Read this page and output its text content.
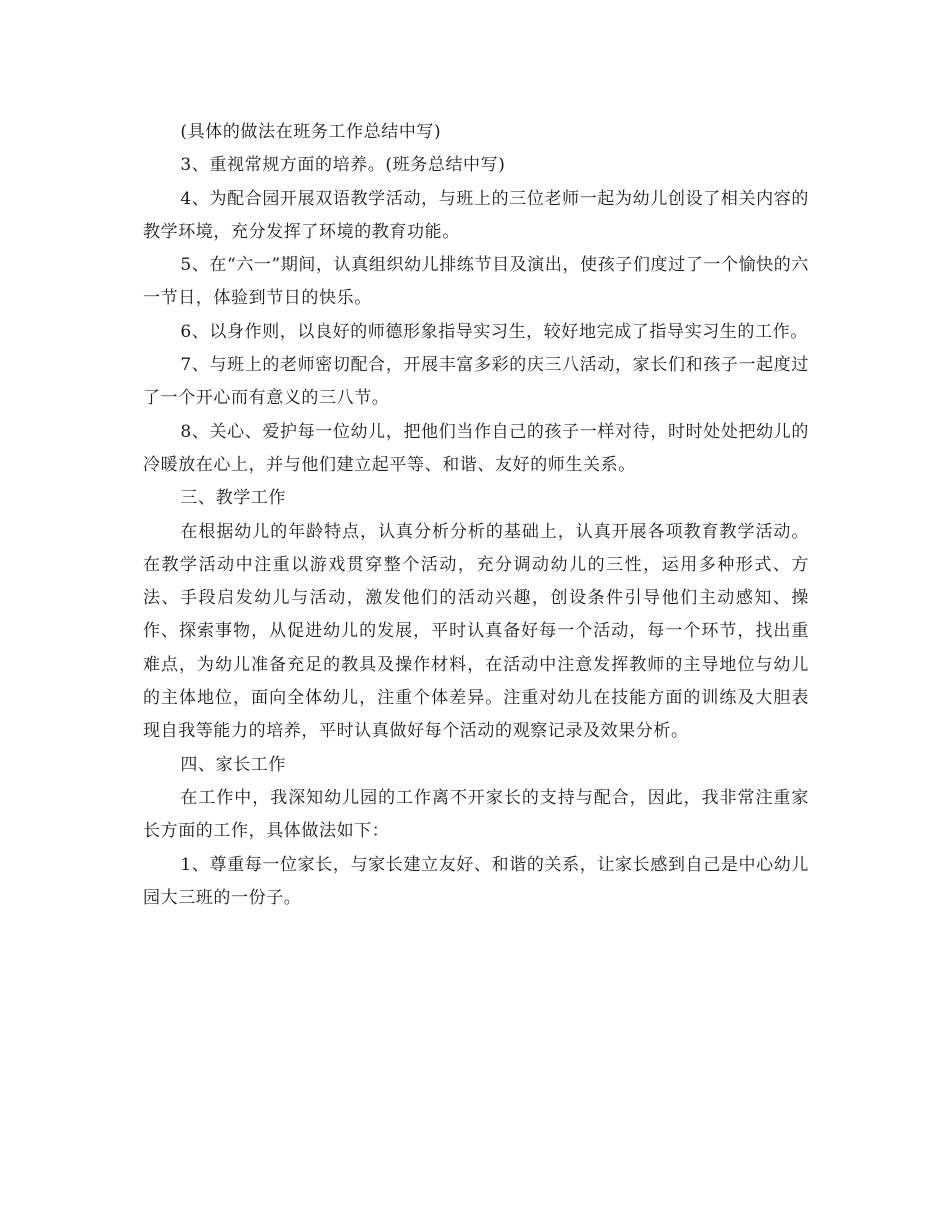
(具体的做法在班务工作总结中写)

3、重视常规方面的培养。(班务总结中写)

4、为配合园开展双语教学活动，与班上的三位老师一起为幼儿创设了相关内容的教学环境，充分发挥了环境的教育功能。

5、在“六一”期间，认真组织幼儿排练节目及演出，使孩子们度过了一个愉快的六一节日，体验到节日的快乐。

6、以身作则，以良好的师德形象指导实习生，较好地完成了指导实习生的工作。

7、与班上的老师密切配合，开展丰富多彩的庆三八活动，家长们和孩子一起度过了一个开心而有意义的三八节。

8、关心、爱护每一位幼儿，把他们当作自己的孩子一样对待，时时处处把幼儿的冷暖放在心上，并与他们建立起平等、和谐、友好的师生关系。

三、教学工作

在根据幼儿的年龄特点，认真分析分析的基础上，认真开展各项教育教学活动。在教学活动中注重以游戏贯穿整个活动，充分调动幼儿的三性，运用多种形式、方法、手段启发幼儿与活动，激发他们的活动兴趣，创设条件引导他们主动感知、操作、探索事物，从促进幼儿的发展，平时认真备好每一个活动，每一个环节，找出重难点，为幼儿准备充足的教具及操作材料，在活动中注意发挥教师的主导地位与幼儿的主体地位，面向全体幼儿，注重个体差异。注重对幼儿在技能方面的训练及大胆表现自我等能力的培养，平时认真做好每个活动的观察记录及效果分析。

四、家长工作

在工作中，我深知幼儿园的工作离不开家长的支持与配合，因此，我非常注重家长方面的工作，具体做法如下：

1、尊重每一位家长，与家长建立友好、和谐的关系，让家长感到自己是中心幼儿园大三班的一份子。
